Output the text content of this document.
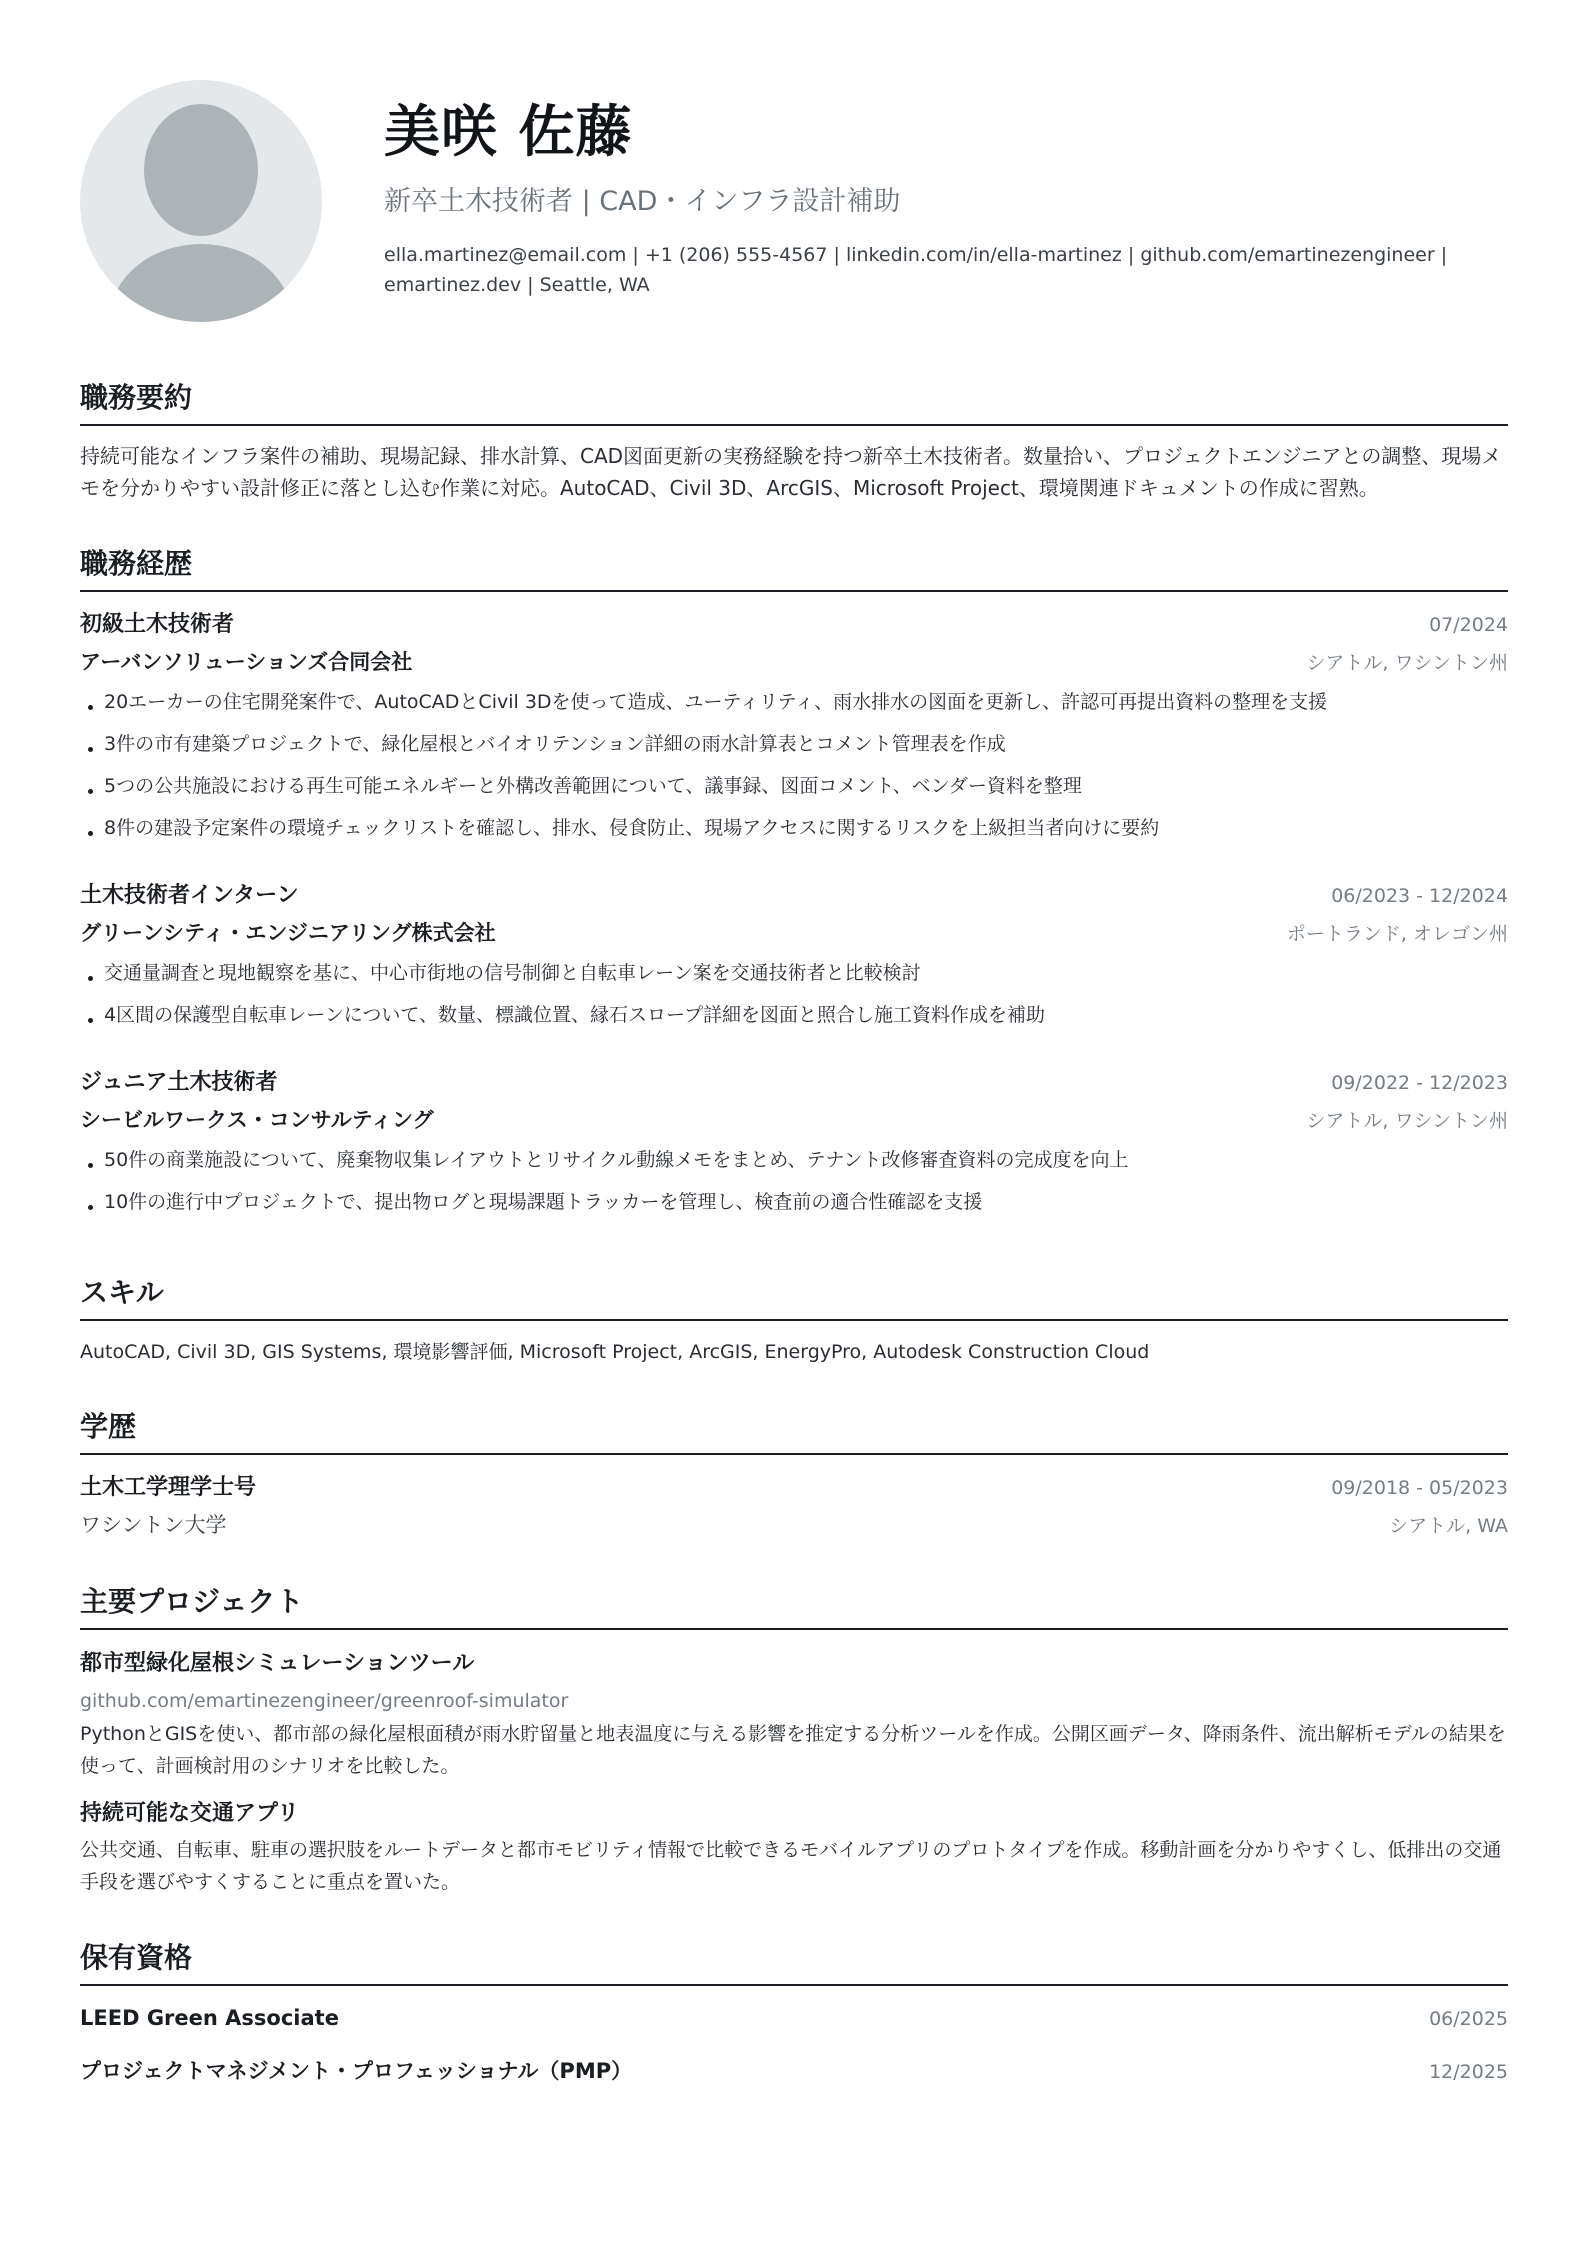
美咲 佐藤
新卒土木技術者 | CAD・インフラ設計補助
ella.martinez@email.com | +1 (206) 555-4567 | linkedin.com/in/ella-martinez | github.com/emartinezengineer | emartinez.dev | Seattle, WA
職務要約
持続可能なインフラ案件の補助、現場記録、排水計算、CAD図面更新の実務経験を持つ新卒土木技術者。数量拾い、プロジェクトエンジニアとの調整、現場メモを分かりやすい設計修正に落とし込む作業に対応。AutoCAD、Civil 3D、ArcGIS、Microsoft Project、環境関連ドキュメントの作成に習熟。
職務経歴
初級土木技術者	07/2024
アーバンソリューションズ合同会社	シアトル, ワシントン州
20エーカーの住宅開発案件で、AutoCADとCivil 3Dを使って造成、ユーティリティ、雨水排水の図面を更新し、許認可再提出資料の整理を支援
3件の市有建築プロジェクトで、緑化屋根とバイオリテンション詳細の雨水計算表とコメント管理表を作成
5つの公共施設における再生可能エネルギーと外構改善範囲について、議事録、図面コメント、ベンダー資料を整理
8件の建設予定案件の環境チェックリストを確認し、排水、侵食防止、現場アクセスに関するリスクを上級担当者向けに要約
土木技術者インターン	06/2023 - 12/2024
グリーンシティ・エンジニアリング株式会社	ポートランド, オレゴン州
交通量調査と現地観察を基に、中心市街地の信号制御と自転車レーン案を交通技術者と比較検討
4区間の保護型自転車レーンについて、数量、標識位置、縁石スロープ詳細を図面と照合し施工資料作成を補助
ジュニア土木技術者	09/2022 - 12/2023
シービルワークス・コンサルティング	シアトル, ワシントン州
50件の商業施設について、廃棄物収集レイアウトとリサイクル動線メモをまとめ、テナント改修審査資料の完成度を向上
10件の進行中プロジェクトで、提出物ログと現場課題トラッカーを管理し、検査前の適合性確認を支援
スキル
AutoCAD, Civil 3D, GIS Systems, 環境影響評価, Microsoft Project, ArcGIS, EnergyPro, Autodesk Construction Cloud
学歴
土木工学理学士号	09/2018 - 05/2023
ワシントン大学	シアトル, WA
主要プロジェクト
都市型緑化屋根シミュレーションツール
github.com/emartinezengineer/greenroof-simulator
PythonとGISを使い、都市部の緑化屋根面積が雨水貯留量と地表温度に与える影響を推定する分析ツールを作成。公開区画データ、降雨条件、流出解析モデルの結果を使って、計画検討用のシナリオを比較した。
持続可能な交通アプリ
公共交通、自転車、駐車の選択肢をルートデータと都市モビリティ情報で比較できるモバイルアプリのプロトタイプを作成。移動計画を分かりやすくし、低排出の交通手段を選びやすくすることに重点を置いた。
保有資格
LEED Green Associate	06/2025
プロジェクトマネジメント・プロフェッショナル（PMP）	12/2025
